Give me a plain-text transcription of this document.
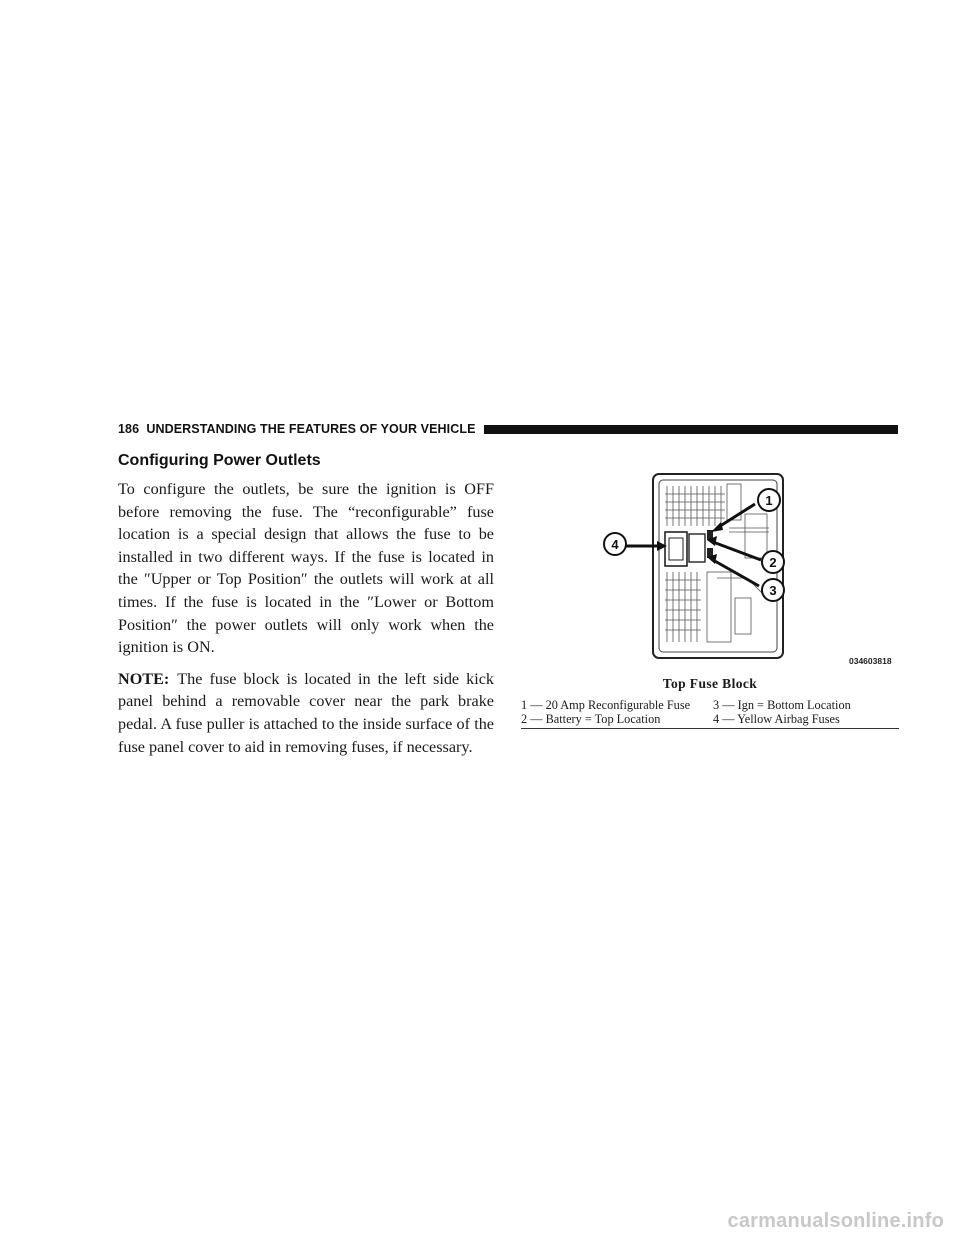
186 UNDERSTANDING THE FEATURES OF YOUR VEHICLE
Configuring Power Outlets

To configure the outlets, be sure the ignition is OFF before removing the fuse. The “reconfigurable” fuse location is a special design that allows the fuse to be installed in two different ways. If the fuse is located in the ″Upper or Top Position″ the outlets will work at all times. If the fuse is located in the ″Lower or Bottom Position″ the power outlets will only work when the ignition is ON.

NOTE: The fuse block is located in the left side kick panel behind a removable cover near the park brake pedal. A fuse puller is attached to the inside surface of the fuse panel cover to aid in removing fuses, if necessary.

1
2
3
4
034603818
Top Fuse Block
1 — 20 Amp Reconfigurable Fuse	3 — Ign = Bottom Location
2 — Battery = Top Location	4 — Yellow Airbag Fuses
carmanualsonline.info
